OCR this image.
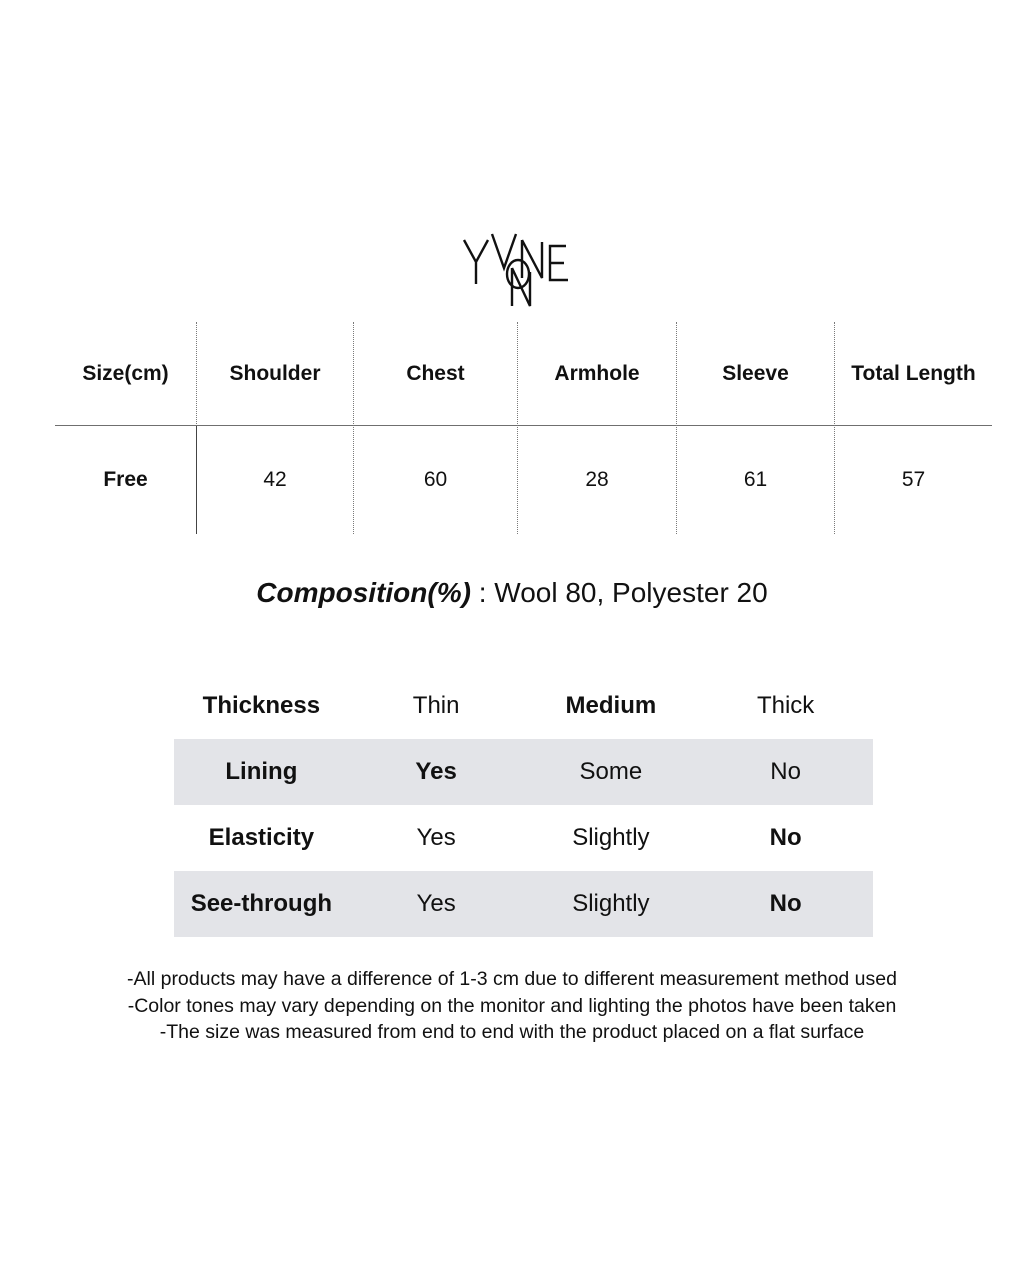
Size(cm)	Shoulder	Chest	Armhole	Sleeve	Total Length
Free	42	60	28	61	57
Composition(%) : Wool 80, Polyester 20
Thickness	Thin	Medium	Thick
Lining	Yes	Some	No
Elasticity	Yes	Slightly	No
See-through	Yes	Slightly	No
-All products may have a difference of 1-3 cm due to different measurement method used
-Color tones may vary depending on the monitor and lighting the photos have been taken
-The size was measured from end to end with the product placed on a flat surface
